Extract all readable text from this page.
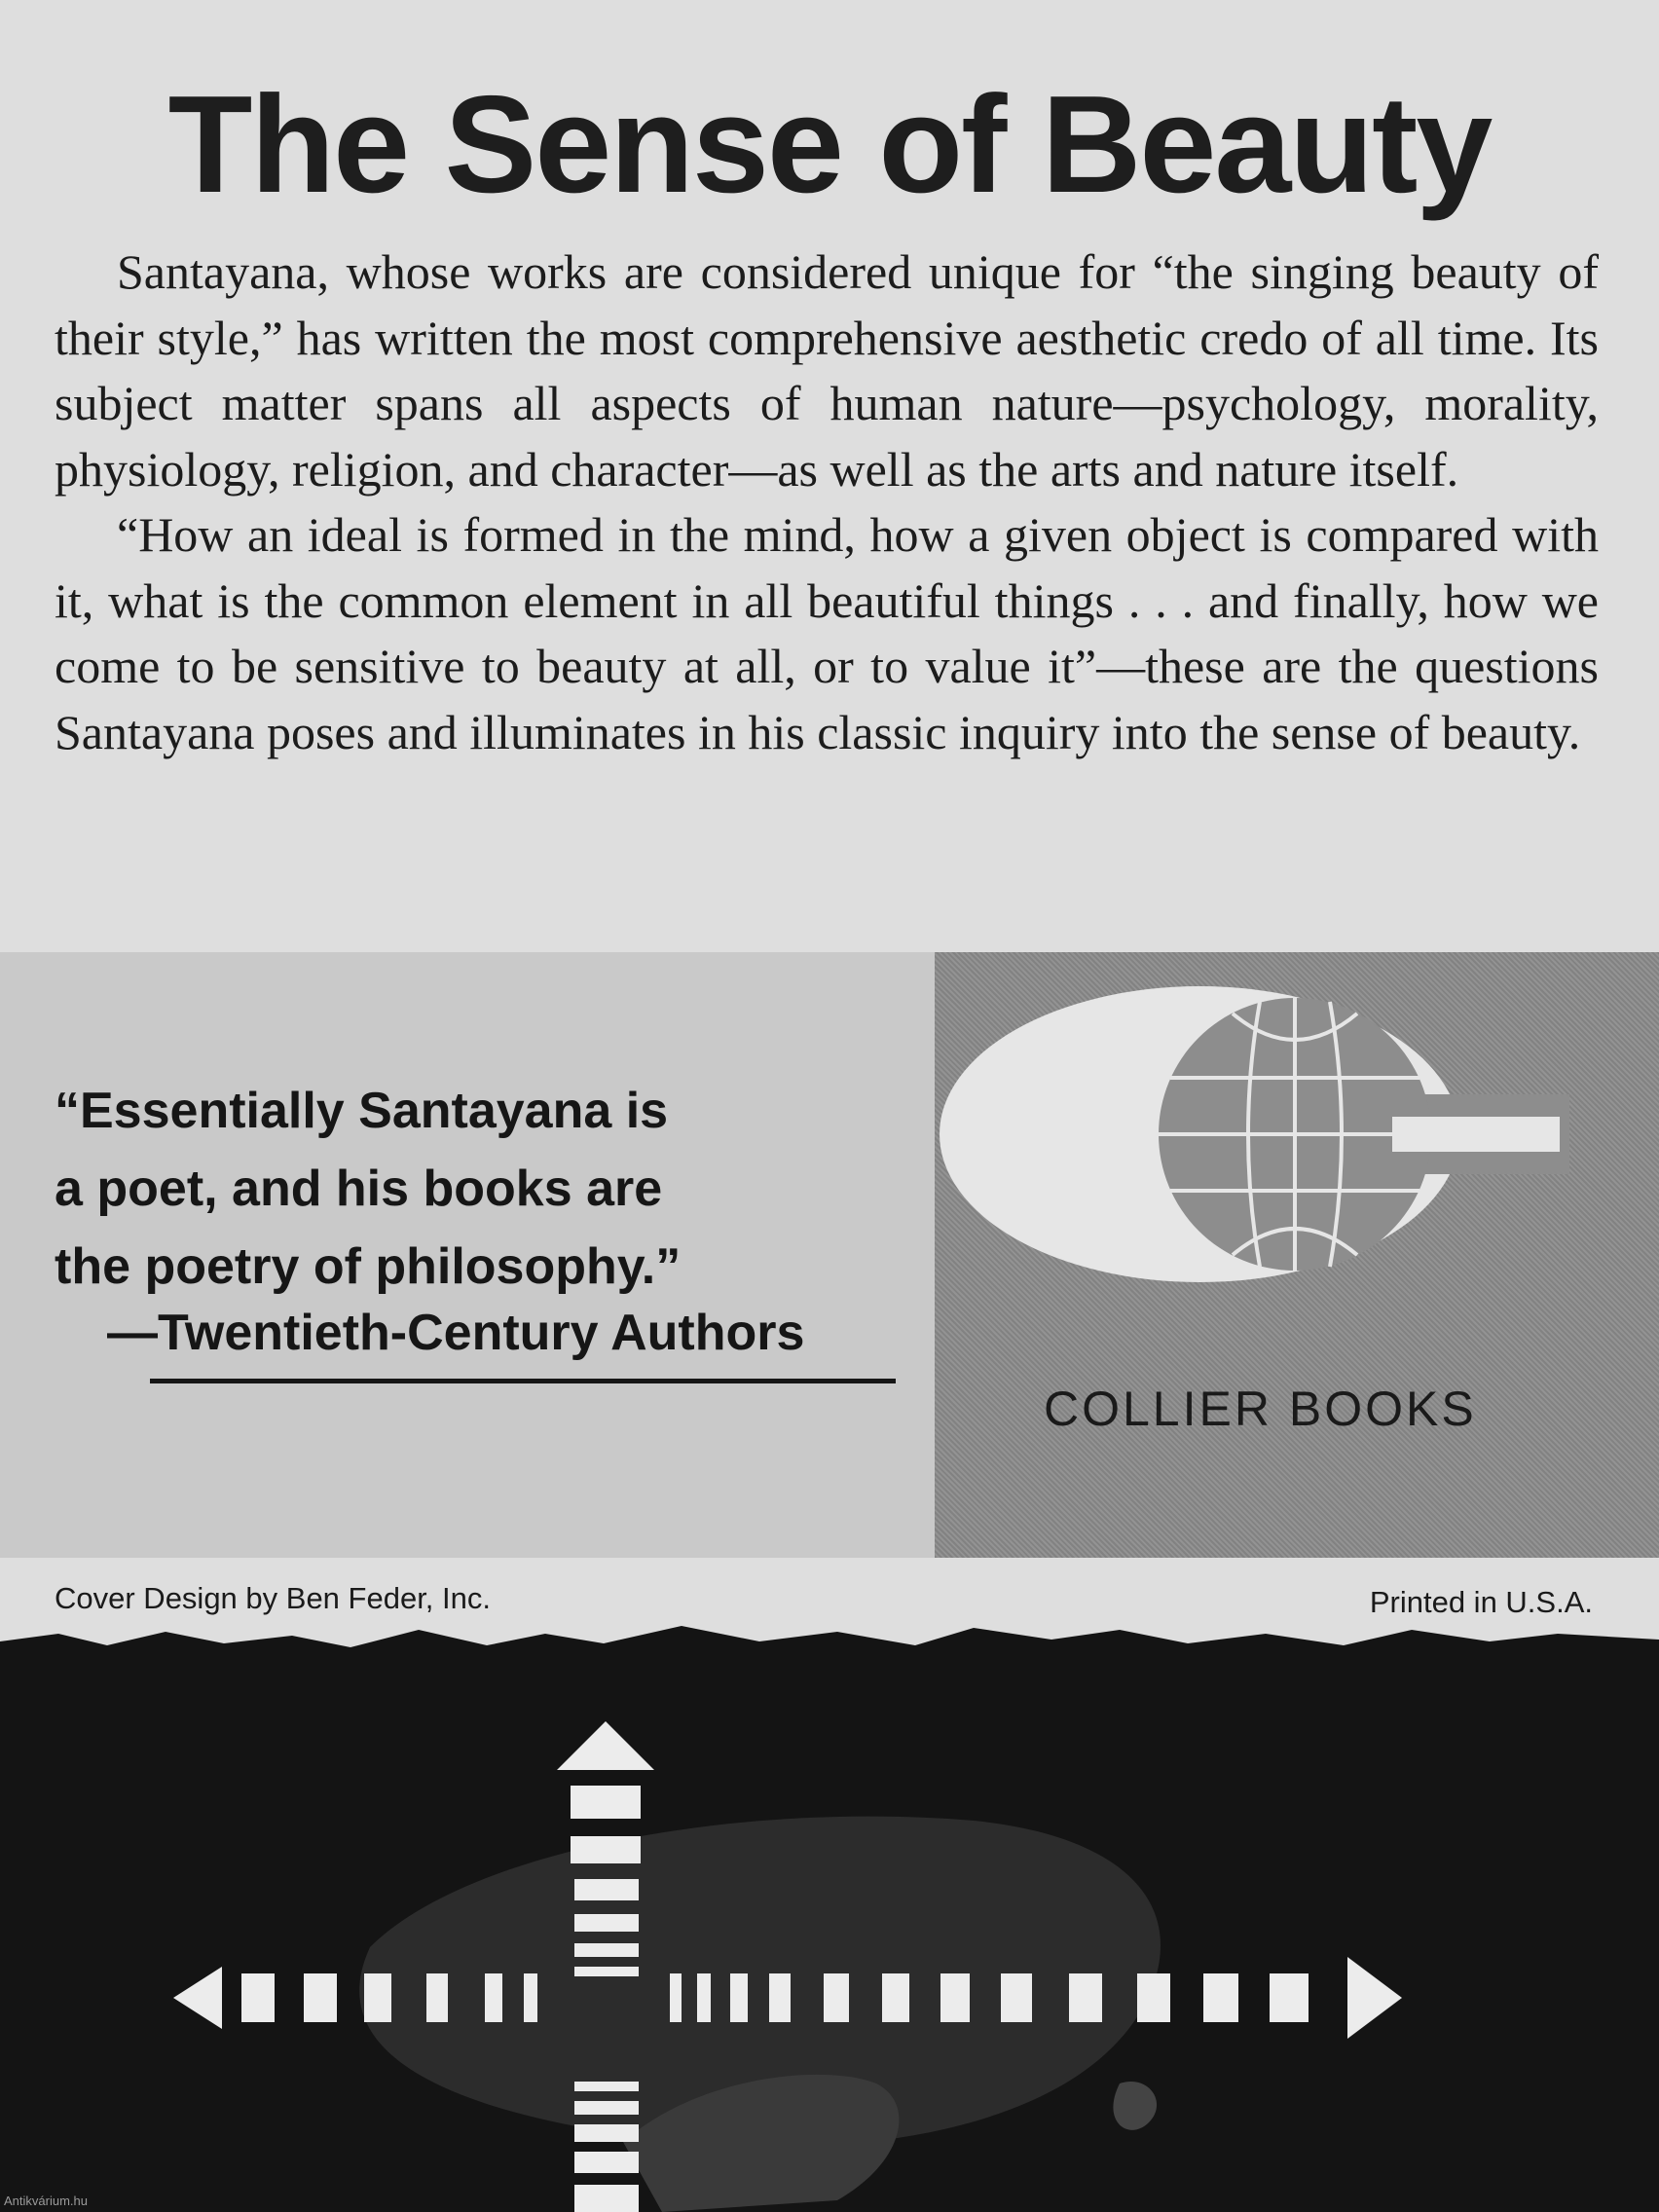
The Sense of Beauty

Santayana, whose works are considered unique for “the singing beauty of their style,” has written the most comprehensive aesthetic credo of all time. Its subject matter spans all aspects of human nature—psychology, morality, physiology, religion, and character—as well as the arts and nature itself.

“How an ideal is formed in the mind, how a given object is compared with it, what is the common element in all beautiful things . . . and finally, how we come to be sensitive to beauty at all, or to value it”—these are the questions Santayana poses and illuminates in his classic inquiry into the sense of beauty.

“Essentially Santayana is
a poet, and his books are
the poetry of philosophy.”
—Twentieth-Century Authors
COLLIER BOOKS
Cover Design by Ben Feder, Inc.	Printed in U.S.A.
Antikvárium.hu
